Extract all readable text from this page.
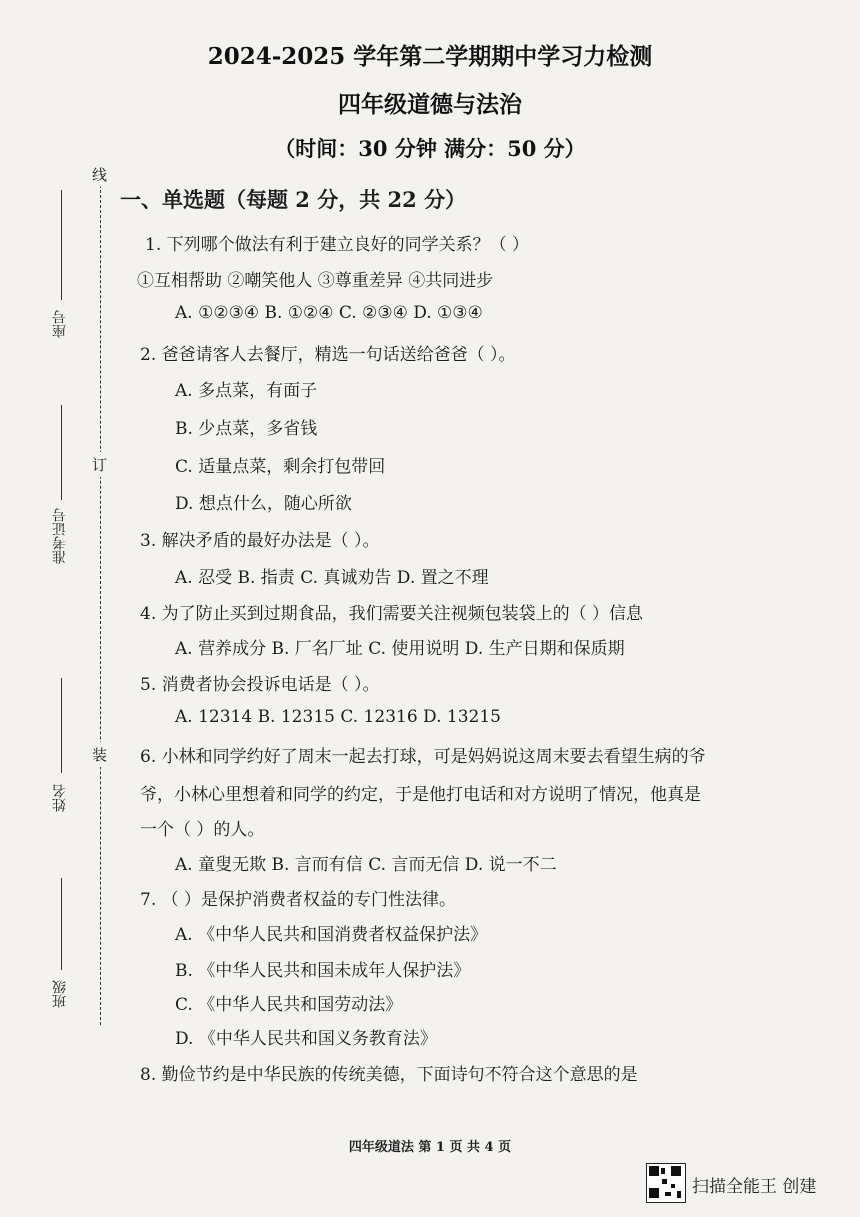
2024-2025 学年第二学期期中学习力检测
四年级道德与法治
（时间：30 分钟 满分：50 分）
一、单选题（每题 2 分，共 22 分）
1. 下列哪个做法有利于建立良好的同学关系？（ ）
①互相帮助 ②嘲笑他人 ③尊重差异 ④共同进步
A. ①②③④ B. ①②④ C. ②③④ D. ①③④
2. 爸爸请客人去餐厅，精选一句话送给爸爸（ ）。
A. 多点菜，有面子
B. 少点菜，多省钱
C. 适量点菜，剩余打包带回
D. 想点什么，随心所欲
3. 解决矛盾的最好办法是（ ）。
A. 忍受 B. 指责 C. 真诚劝告 D. 置之不理
4. 为了防止买到过期食品，我们需要关注视频包装袋上的（ ）信息
A. 营养成分 B. 厂名厂址 C. 使用说明 D. 生产日期和保质期
5. 消费者协会投诉电话是（ ）。
A. 12314 B. 12315 C. 12316 D. 13215
6. 小林和同学约好了周末一起去打球，可是妈妈说这周末要去看望生病的爷
爷，小林心里想着和同学的约定，于是他打电话和对方说明了情况，他真是
一个（ ）的人。
A. 童叟无欺 B. 言而有信 C. 言而无信 D. 说一不二
7. （ ）是保护消费者权益的专门性法律。
A. 《中华人民共和国消费者权益保护法》
B. 《中华人民共和国未成年人保护法》
C. 《中华人民共和国劳动法》
D. 《中华人民共和国义务教育法》
8. 勤俭节约是中华民族的传统美德，下面诗句不符合这个意思的是
线
订
装
座号
准考证号
姓名
班级
四年级道法 第 1 页 共 4 页
扫描全能王 创建
